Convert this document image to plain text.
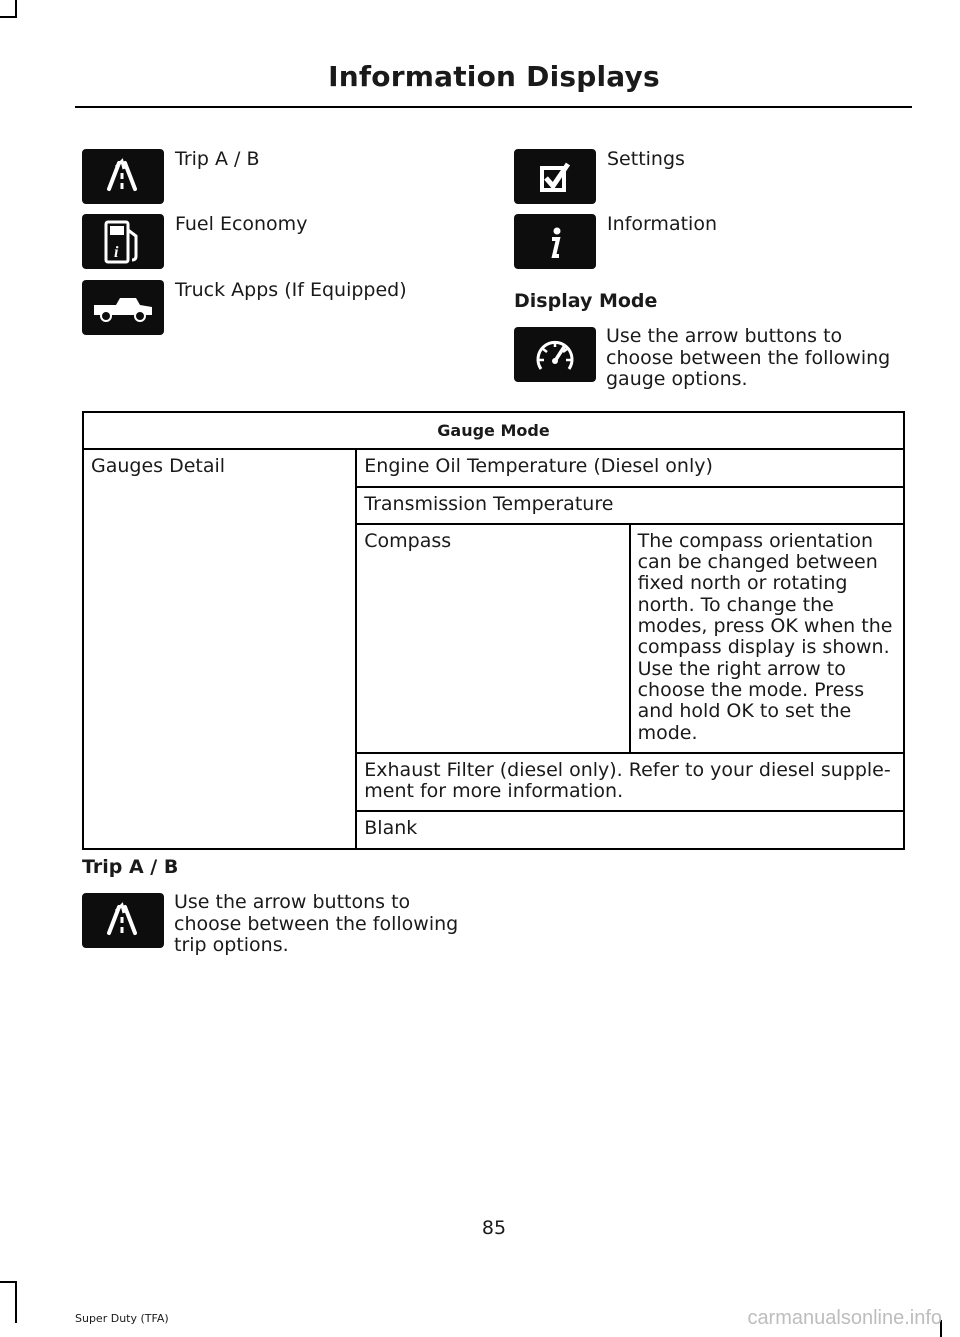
Information Displays
Trip A / B
i
Fuel Economy
Truck Apps (If Equipped)
Settings
Information
Display Mode
Use the arrow buttons to choose between the following gauge options.
Gauge Mode		
Gauges Detail	Engine Oil Temperature (Diesel only)	
	Transmission Temperature	
	Compass	The compass orientation can be changed between fixed north or rotating north. To change the modes, press OK when the compass display is shown. Use the right arrow to choose the mode. Press and hold OK to set the mode.
	Exhaust Filter (diesel only). Refer to your diesel supple-ment for more information.	
	Blank	
Trip A / B
Use the arrow buttons to choose between the following trip options.
85
Super Duty (TFA)	carmanualsonline.info
